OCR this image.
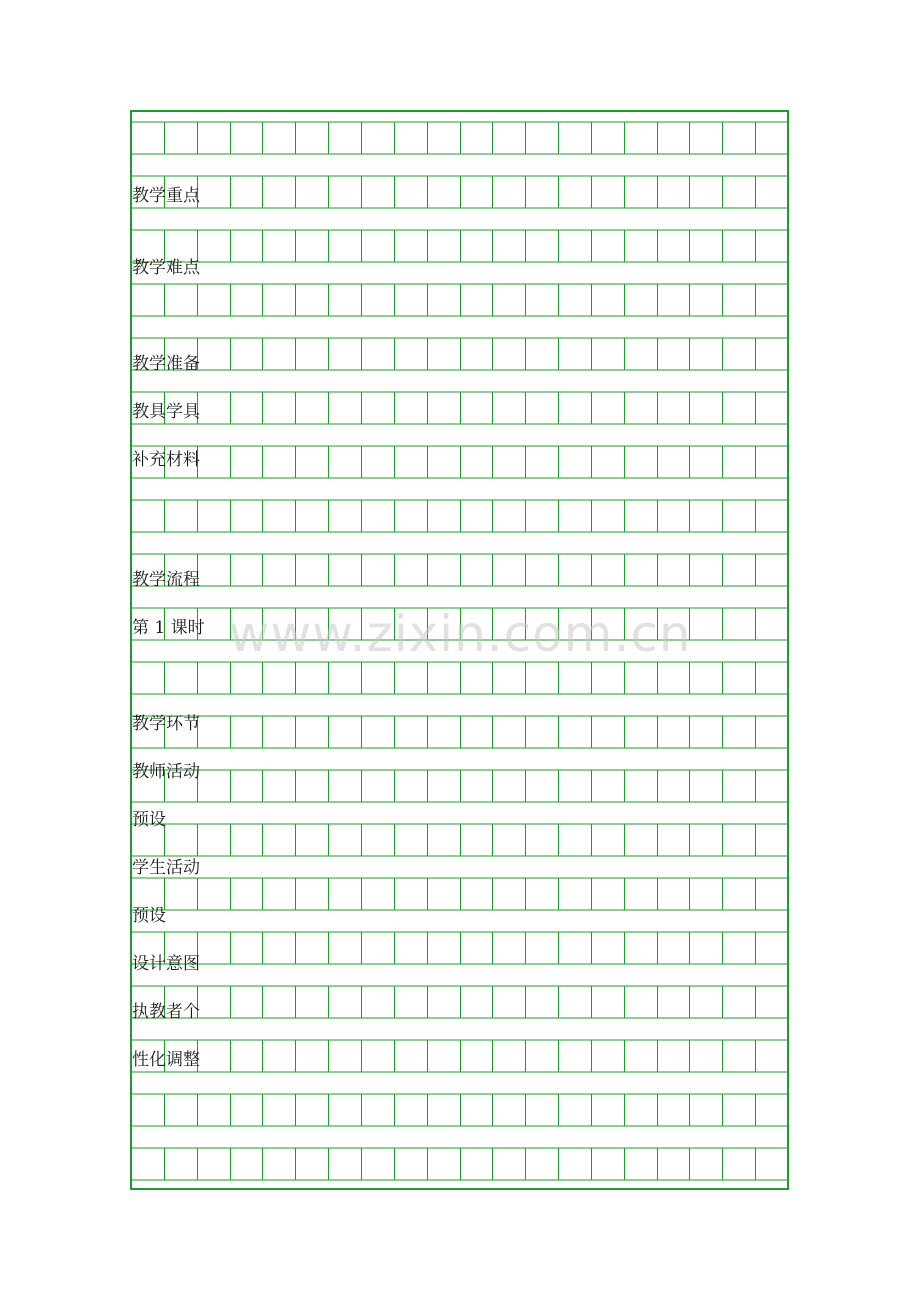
教学重点
教学难点
教学准备
教具学具
补充材料
教学流程
第 1 课时
教学环节
教师活动
预设
学生活动
预设
设计意图
执教者个
性化调整
www.zixin.com.cn
